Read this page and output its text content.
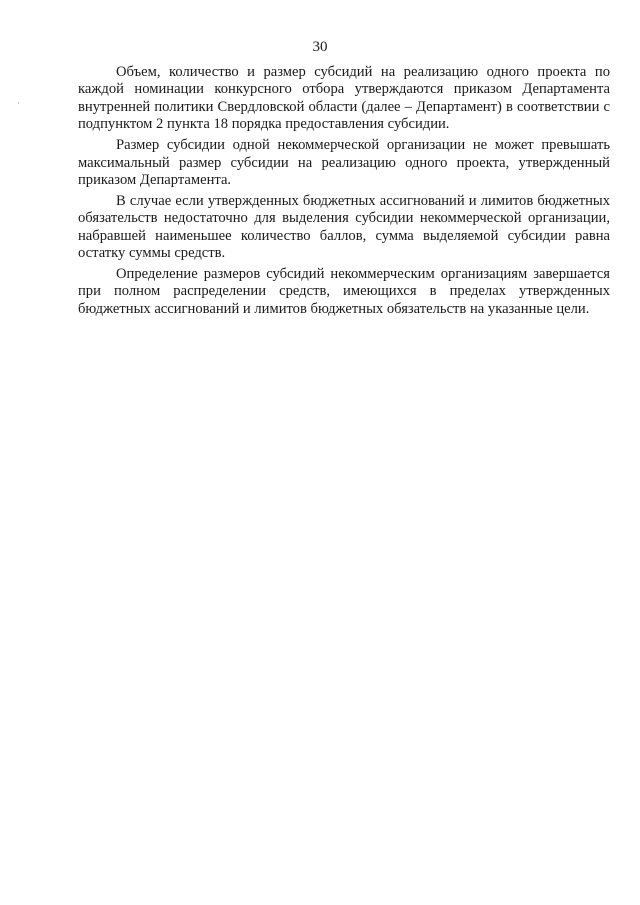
30

Объем, количество и размер субсидий на реализацию одного проекта по каждой номинации конкурсного отбора утверждаются приказом Департамента внутренней политики Свердловской области (далее – Департамент) в соответствии с подпунктом 2 пункта 18 порядка предоставления субсидии.

Размер субсидии одной некоммерческой организации не может превышать максимальный размер субсидии на реализацию одного проекта, утвержденный приказом Департамента.

В случае если утвержденных бюджетных ассигнований и лимитов бюджетных обязательств недостаточно для выделения субсидии некоммерческой организации, набравшей наименьшее количество баллов, сумма выделяемой субсидии равна остатку суммы средств.

Определение размеров субсидий некоммерческим организациям завершается при полном распределении средств, имеющихся в пределах утвержденных бюджетных ассигнований и лимитов бюджетных обязательств на указанные цели.
